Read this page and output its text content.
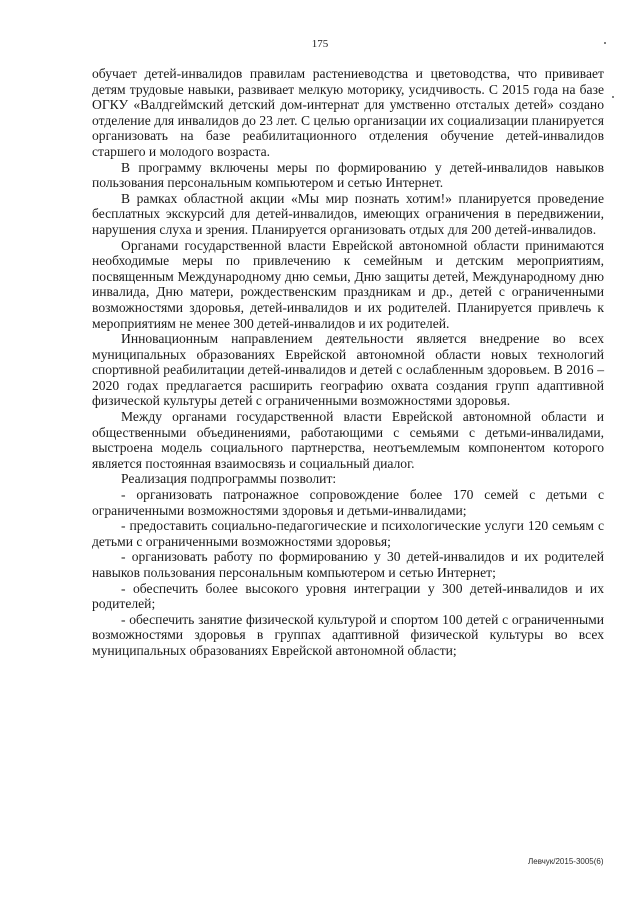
175

обучает детей-инвалидов правилам растениеводства и цветоводства, что прививает детям трудовые навыки, развивает мелкую моторику, усидчивость. С 2015 года на базе ОГКУ «Валдгеймский детский дом-интернат для умственно отсталых детей» создано отделение для инвалидов до 23 лет. С целью организации их социализации планируется организовать на базе реабилитационного отделения обучение детей-инвалидов старшего и молодого возраста.

В программу включены меры по формированию у детей-инвалидов навыков пользования персональным компьютером и сетью Интернет.

В рамках областной акции «Мы мир познать хотим!» планируется проведение бесплатных экскурсий для детей-инвалидов, имеющих ограничения в передвижении, нарушения слуха и зрения. Планируется организовать отдых для 200 детей-инвалидов.

Органами государственной власти Еврейской автономной области принимаются необходимые меры по привлечению к семейным и детским мероприятиям, посвященным Международному дню семьи, Дню защиты детей, Международному дню инвалида, Дню матери, рождественским праздникам и др., детей с ограниченными возможностями здоровья, детей-инвалидов и их родителей. Планируется привлечь к мероприятиям не менее 300 детей-инвалидов и их родителей.

Инновационным направлением деятельности является внедрение во всех муниципальных образованиях Еврейской автономной области новых технологий спортивной реабилитации детей-инвалидов и детей с ослабленным здоровьем. В 2016 – 2020 годах предлагается расширить географию охвата создания групп адаптивной физической культуры детей с ограниченными возможностями здоровья.

Между органами государственной власти Еврейской автономной области и общественными объединениями, работающими с семьями с детьми-инвалидами, выстроена модель социального партнерства, неотъемлемым компонентом которого является постоянная взаимосвязь и социальный диалог.

Реализация подпрограммы позволит:

- организовать патронажное сопровождение более 170 семей с детьми с ограниченными возможностями здоровья и детьми-инвалидами;

- предоставить социально-педагогические и психологические услуги 120 семьям с детьми с ограниченными возможностями здоровья;

- организовать работу по формированию у 30 детей-инвалидов и их родителей навыков пользования персональным компьютером и сетью Интернет;

- обеспечить более высокого уровня интеграции у 300 детей-инвалидов и их родителей;

- обеспечить занятие физической культурой и спортом 100 детей с ограниченными возможностями здоровья в группах адаптивной физической культуры во всех муниципальных образованиях Еврейской автономной области;

Левчук/2015-3005(6)
